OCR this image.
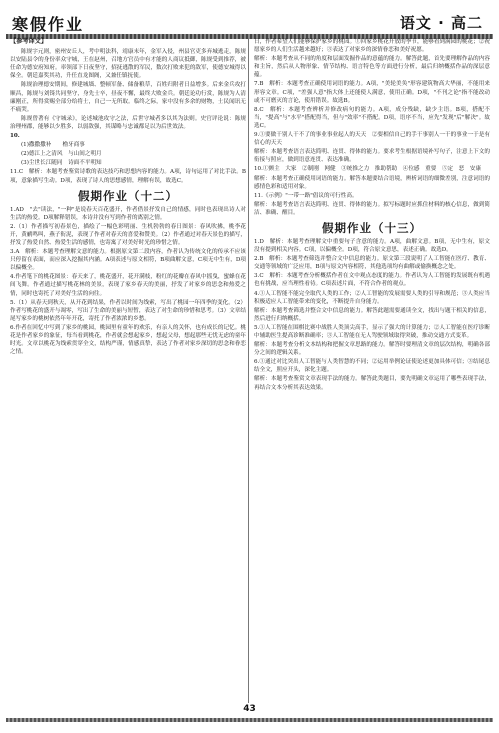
寒假作业	语文 · 高二

【参考译文】

陈规字元则，密州安丘人，考中明法科，靖康末年，金军入侵，州县官吏多弃城逃走，陈规以安陆县令的身份率众守城，王在赵州，召地方官员中有才能的人商议抵御，陈规受到推荐，被任命为德安府知府。率领部下日夜坚守，招抚逃散的军民，数次打败来犯的敌军，使德安城得以保全。朝廷嘉奖其功，升任直龙图阁，又兼任镇抚使。

陈规治理德安期间，修建城墙、整顿军备、储备粮草，百姓归附者日益增多。后来金兵攻打顺昌，陈规与刘锜共同坚守，身先士卒，昼夜不懈，最终大败金兵。朝廷论功行赏，陈规为人清廉刚正，所得赏赐全部分给将士，自己一无所取。临终之际，家中没有多余的财物，士民闻讯无不痛哭。

陈规曾著有《守城录》，论述城池攻守之法，后世守城者多以其为法则。史官评论说：陈规治理州郡，能够以少胜多，以弱敌强，其谋略与忠诚都足以为后世效法。

10.

(1)撒撒撒补　　橹牙商事

(2)德江上之清风　与山间之明月

(3)尘世长江随同　诗面不平明知

11.C　解析：本题考查鉴赏诗歌的表达技巧和思想内容的能力。A项，诗句运用了对比手法。B项，意象描写生动。D项，表现了诗人的思想感情，理解有误，故选C。

假期作业（十二）

1.AD　"去"读法，"一种"是说春天百花盛开，作者借景抒发自己的情感，同时也表现出诗人对生活的热爱。D项解释错误，本诗并没有写到作者的离别之情。

2.（1）作者描写初春景色，描绘了一幅色彩明丽、生机勃勃的春日图景：春风吹拂，桃李花开，黄鹂鸣叫，燕子衔泥，表现了作者对春天的喜爱和赞美。（2）作者通过对春天景色的描写，抒发了热爱自然、热爱生活的感情，也寄寓了对美好时光的珍惜之情。

3.A　解析：本题考查理解文意的能力。根据原文第二段内容，作者认为传统文化的传承不应该只停留在表面，而应深入挖掘其内涵。A项表述与原文相符，B项曲解文意，C项无中生有，D项以偏概全。

4.作者笔下的桃花图景：春天来了，桃花盛开，花开满枝，粉红的花瓣在春风中摇曳，蜜蜂在花间飞舞。作者通过描写桃花林的美景，表现了家乡春天的美丽，抒发了对家乡的思念和热爱之情，同时也寄托了对美好生活的向往。

5.（1）从春天到秋天，从开花到结果，作者以时间为线索，写出了桃园一年四季的变化。（2）作者写桃花的盛开与凋零，写出了生命的美丽与短暂，表达了对生命的珍惜和思考。（3）文章结尾写家乡的桃树依然年年开花，寄托了作者浓浓的乡愁。

6.作者在回忆中写到了家乡的桃园，桃园里有童年的欢乐，有亲人的关怀，也有成长的记忆。桃花是作者家乡的象征，每当看到桃花，作者就会想起家乡，想起父母，想起那些无忧无虑的童年时光。文章以桃花为线索贯穿全文，结构严谨，情感真挚，表达了作者对家乡深切的思念和眷恋之情。

日，作者希望人们能够保护家乡的桃园。①回家乡桃花开放的季节，能够看到满园的桃花；②祝愿家乡的人们生活越来越好；③表达了对家乡的深情眷恋和美好祝愿。

解析：本题考查从不同的角度和层面发掘作品的意蕴的能力。解答此题，首先要理解作品的内容和主旨，然后从人物形象、情节结构、语言特色等方面进行分析，最后归纳概括作品的深层意蕴。

7.B　解析：本题考查正确使用词语的能力。A项，"美轮美奂"形容建筑物高大华丽，不能用来形容文章。C项，"差强人意"指大体上还能使人满意，使用正确。D项，"不刊之论"指不能改动或不可磨灭的言论，使用错误。故选B。

8.C　解析：本题考查辨析并修改病句的能力。A项，成分残缺，缺少主语。B项，搭配不当，"提高"与"水平"搭配得当，但与"效率"不搭配。D项，语序不当，应先"发现"后"解决"。故选C。

9.①要做干别人干不了的事业事业起人的天天　②要相信自己的手干事别人一干的事业一于是有信心的天天

解析：本题考查语言表达简明、连贯、得体的能力。要求考生根据语境补写句子，注意上下文的衔接与照应，做到语意连贯、表达准确。

10.①颤主　大家　②制刚　网健　③统推之力　推助帮助　④位感　重要　⑤定　恶　安康

解析：本题考查正确使用词语的能力。解答本题要结合语境，辨析词语的细微差别，注意词语的感情色彩和适用对象。

11.《示例》"一带一路"倡议的可行性高。

解析：本题考查语言表达简明、连贯、得体的能力。拟写标题时应抓住材料的核心信息，做到简洁、准确、醒目。

假期作业（十三）

1.D　解析：本题考查理解文中重要句子含意的能力。A项，曲解文意。B项，无中生有，原文没有提到相关内容。C项，以偏概全。D项，符合原文意思，表述正确。故选D。

2.B　解析：本题考查筛选并整合文中信息的能力。原文第三段说明了人工智能在医疗、教育、交通等领域的广泛应用，B项与原文内容相符，其他选项均有曲解或偷换概念之处。

3.C　解析：本题考查分析概括作者在文中观点态度的能力。作者认为人工智能的发展既有机遇也有挑战，应当理性看待。C项表述片面，不符合作者的观点。

4.①人工智能不能完全取代人类的工作；②人工智能的发展需要人类的引导和规范；③人类应当积极适应人工智能带来的变化，不断提升自身能力。

解析：本题考查筛选并整合文中信息的能力。解答此题需要通读全文，找出与题干相关的信息，然后进行归纳概括。

5.①人工智能在围棋比赛中战胜人类顶尖高手，显示了强大的计算能力；②人工智能在医疗诊断中辅助医生提高诊断准确率；③人工智能在无人驾驶领域取得突破，推动交通方式变革。

解析：本题考查分析文本结构和把握文章思路的能力。解答时要理清文章的层次结构，明确各部分之间的逻辑关系。

6.①通过对比突出人工智能与人类智慧的不同；②运用举例论证使论述更加具体可信；③结尾总结全文，照应开头，深化主题。

解析：本题考查鉴赏文章表现手法的能力。解答此类题目，要先明确文章运用了哪些表现手法，再结合文本分析其表达效果。

43
